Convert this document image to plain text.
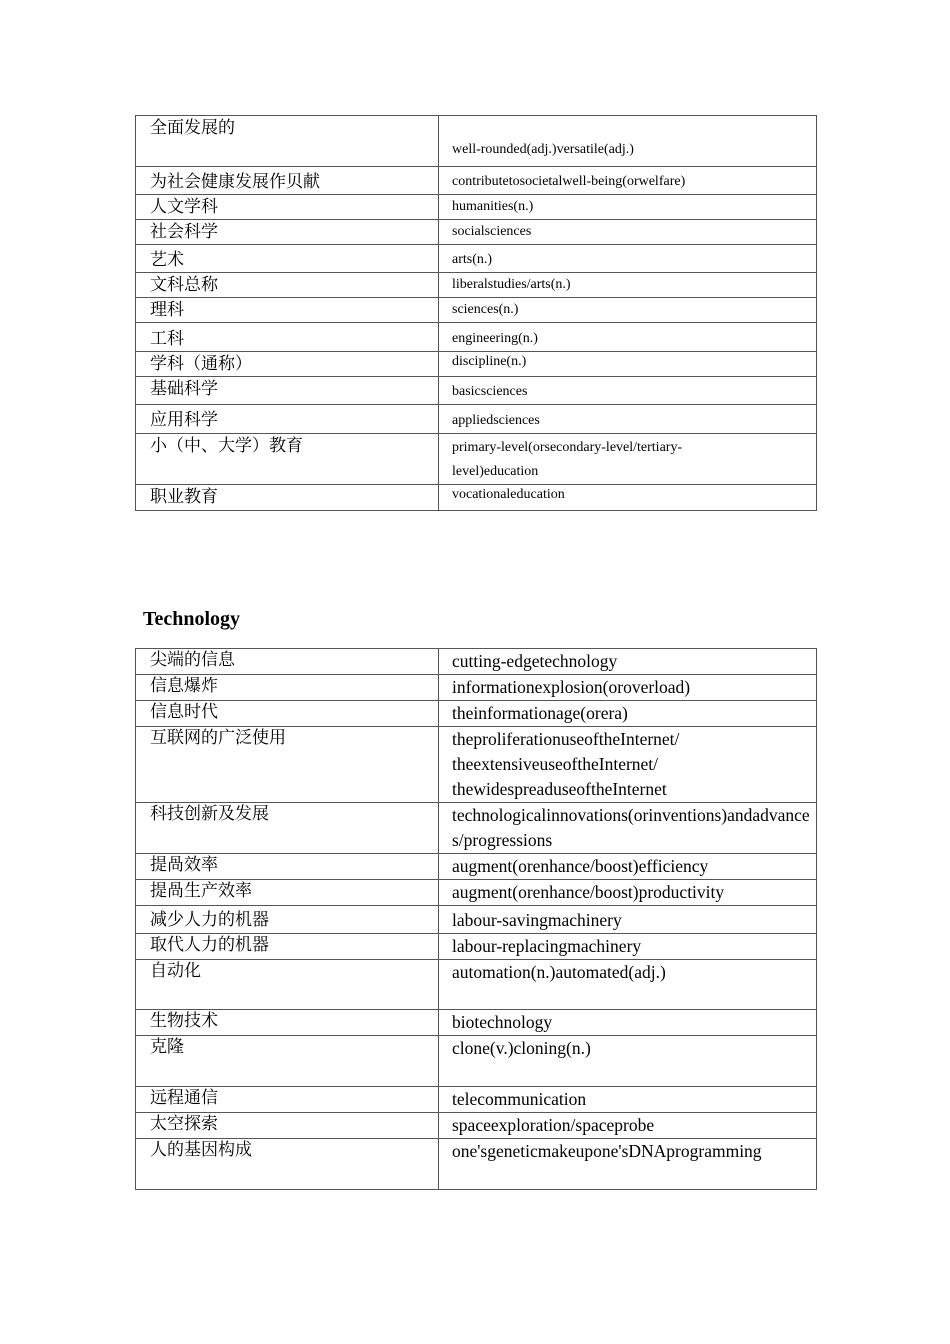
全面发展的	well-rounded(adj.)versatile(adj.)
为社会健康发展作贝献	contributetosocietalwell-being(orwelfare)
人文学科	humanities(n.)
社会科学	socialsciences
艺术	arts(n.)
文科总称	liberalstudies/arts(n.)
理科	sciences(n.)
工科	engineering(n.)
学科（通称）	discipline(n.)
基础科学	basicsciences
应用科学	appliedsciences
小（中、大学）教育	primary-level(orsecondary-level/tertiary-level)education
职业教育	vocationaleducation
Technology
尖端的信息	cutting-edgetechnology
信息爆炸	informationexplosion(oroverload)
信息时代	theinformationage(orera)
互联网的广泛使用	theproliferationuseoftheInternet/ theextensiveuseoftheInternet/ thewidespreaduseoftheInternet
科技创新及发展	technologicalinnovations(orinventions)andadvances/progressions
提咼效率	augment(orenhance/boost)efficiency
提咼生产效率	augment(orenhance/boost)productivity
减少人力的机器	labour-savingmachinery
取代人力的机器	labour-replacingmachinery
自动化	automation(n.)automated(adj.)
生物技术	biotechnology
克隆	clone(v.)cloning(n.)
远程通信	telecommunication
太空探索	spaceexploration/spaceprobe
人的基因构成	one'sgeneticmakeupone'sDNAprogramming
